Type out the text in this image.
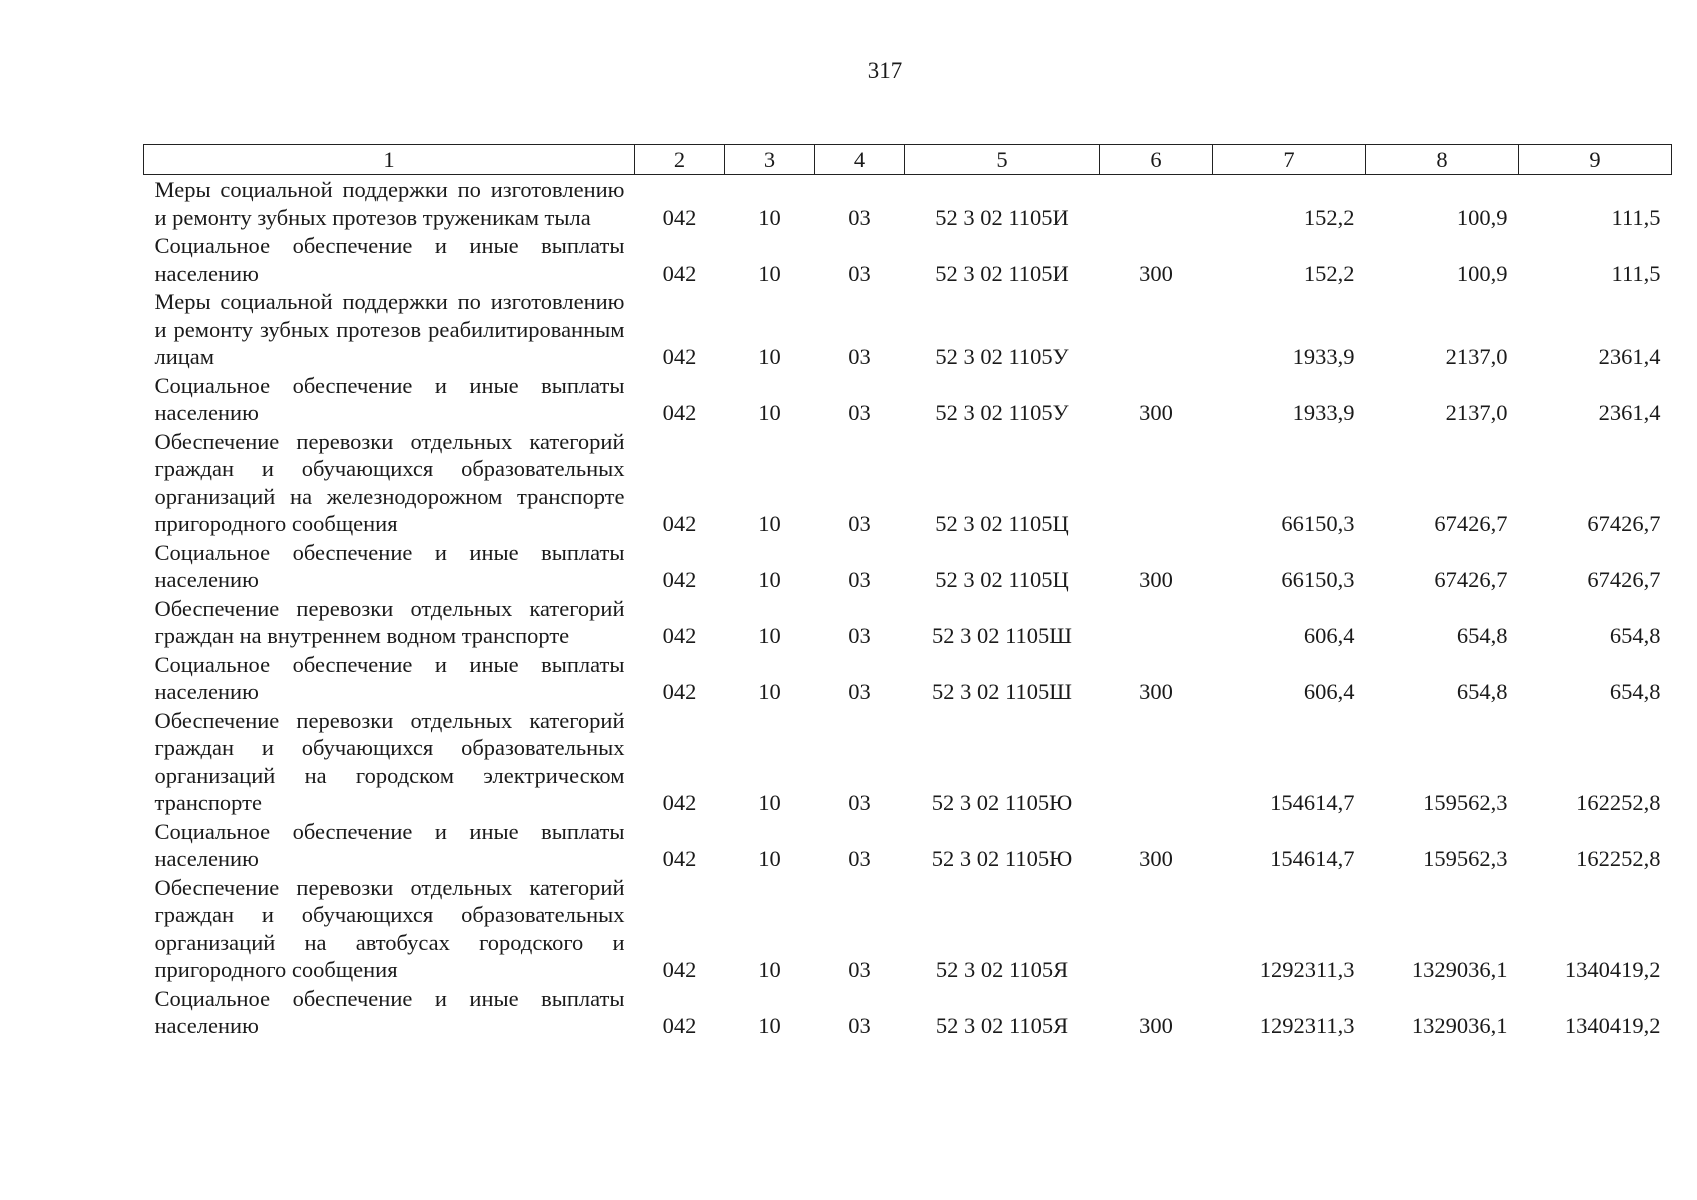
317
1	2	3	4	5	6	7	8	9
Меры социальной поддержки по изготовлению и ремонту зубных протезов труженикам тыла	042	10	03	52 3 02 1105И		152,2	100,9	111,5
Социальное обеспечение и иные выплаты населению	042	10	03	52 3 02 1105И	300	152,2	100,9	111,5
Меры социальной поддержки по изготовлению и ремонту зубных протезов реабилитированным лицам	042	10	03	52 3 02 1105У		1933,9	2137,0	2361,4
Социальное обеспечение и иные выплаты населению	042	10	03	52 3 02 1105У	300	1933,9	2137,0	2361,4
Обеспечение перевозки отдельных категорий граждан и обучающихся образовательных организаций на железнодорожном транспорте пригородного сообщения	042	10	03	52 3 02 1105Ц		66150,3	67426,7	67426,7
Социальное обеспечение и иные выплаты населению	042	10	03	52 3 02 1105Ц	300	66150,3	67426,7	67426,7
Обеспечение перевозки отдельных категорий граждан на внутреннем водном транспорте	042	10	03	52 3 02 1105Ш		606,4	654,8	654,8
Социальное обеспечение и иные выплаты населению	042	10	03	52 3 02 1105Ш	300	606,4	654,8	654,8
Обеспечение перевозки отдельных категорий граждан и обучающихся образовательных организаций на городском электрическом транспорте	042	10	03	52 3 02 1105Ю		154614,7	159562,3	162252,8
Социальное обеспечение и иные выплаты населению	042	10	03	52 3 02 1105Ю	300	154614,7	159562,3	162252,8
Обеспечение перевозки отдельных категорий граждан и обучающихся образовательных организаций на автобусах городского и пригородного сообщения	042	10	03	52 3 02 1105Я		1292311,3	1329036,1	1340419,2
Социальное обеспечение и иные выплаты населению	042	10	03	52 3 02 1105Я	300	1292311,3	1329036,1	1340419,2
